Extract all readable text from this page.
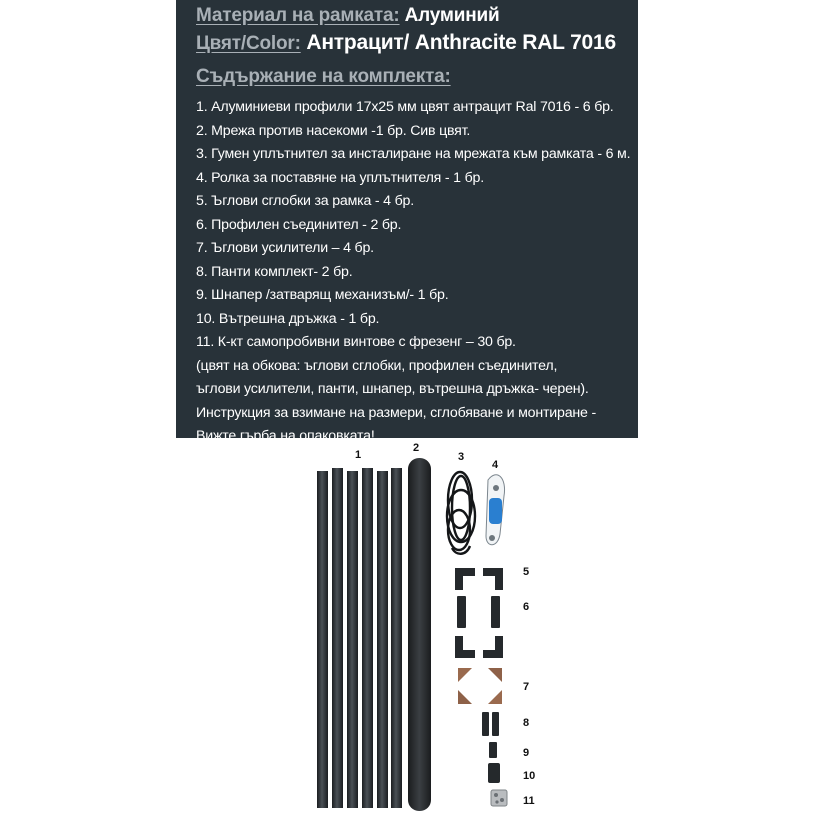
Материал на рамката: Алуминий
Цвят/Color: Антрацит/ Anthracite RAL 7016
Съдържание на комплекта:
1. Алуминиеви профили 17x25 мм цвят антрацит Ral 7016 - 6 бр.
2. Мрежа против насекоми -1 бр. Сив цвят.
3. Гумен уплътнител за инсталиране на мрежата към рамката - 6 м.
4. Ролка за поставяне на уплътнителя - 1 бр.
5. Ъглови сглобки за рамка - 4 бр.
6. Профилен съединител - 2 бр.
7. Ъглови усилители – 4 бр.
8. Панти комплект- 2 бр.
9. Шнапер /затварящ механизъм/- 1 бр.
10. Вътрешна дръжка - 1 бр.
11. К-кт самопробивни винтове с фрезенг – 30 бр.
(цвят на обкова: ъглови сглобки, профилен съединител,
ъглови усилители, панти, шнапер, вътрешна дръжка- черен).
Инструкция за взимане на размери, сглобяване и монтиране -
Вижте гърба на опаковката!
1
2
3
4
5
6
7
8
9
10
11
